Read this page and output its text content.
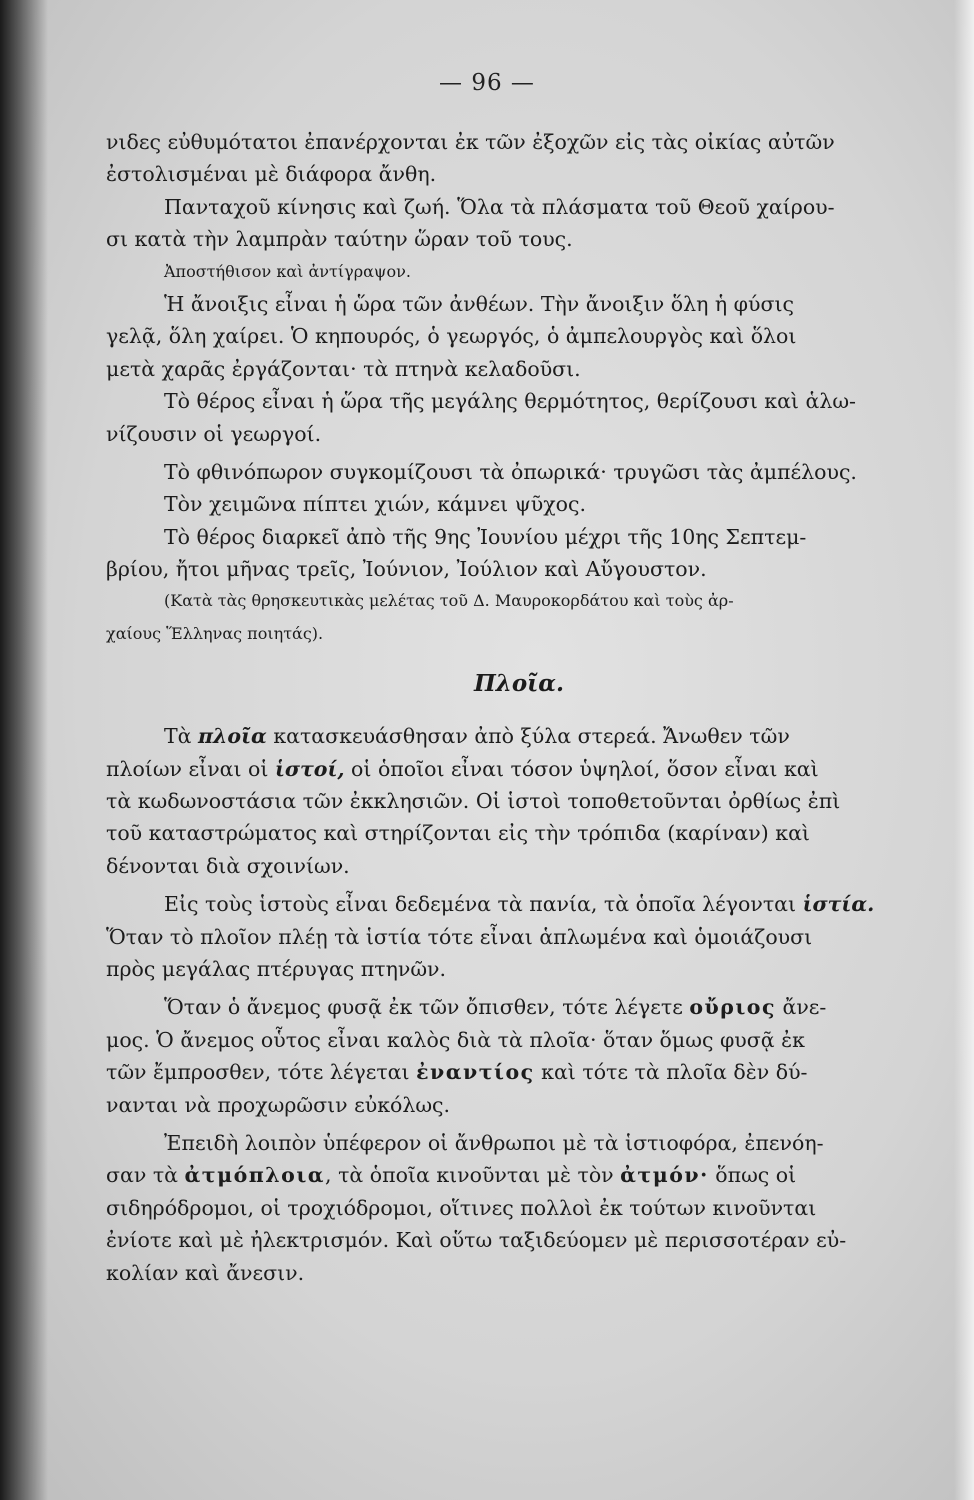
— 96 —
νιδες εὐθυμότατοι ἐπανέρχονται ἐκ τῶν ἐξοχῶν εἰς τὰς οἰκίας αὐτῶν
ἐστολισμέναι μὲ διάφορα ἄνθη.
Πανταχοῦ κίνησις καὶ ζωή. Ὅλα τὰ πλάσματα τοῦ Θεοῦ χαίρου-
σι κατὰ τὴν λαμπρὰν ταύτην ὥραν τοῦ τους.
Ἀποστήθισον καὶ ἀντίγραψον.
Ἡ ἄνοιξις εἶναι ἡ ὥρα τῶν ἀνθέων. Τὴν ἄνοιξιν ὅλη ἡ φύσις
γελᾷ, ὅλη χαίρει. Ὁ κηπουρός, ὁ γεωργός, ὁ ἀμπελουργὸς καὶ ὅλοι
μετὰ χαρᾶς ἐργάζονται· τὰ πτηνὰ κελαδοῦσι.
Τὸ θέρος εἶναι ἡ ὥρα τῆς μεγάλης θερμότητος, θερίζουσι καὶ ἁλω-
νίζουσιν οἱ γεωργοί.
Τὸ φθινόπωρον συγκομίζουσι τὰ ὀπωρικά· τρυγῶσι τὰς ἀμπέλους.
Τὸν χειμῶνα πίπτει χιών, κάμνει ψῦχος.
Τὸ θέρος διαρκεῖ ἀπὸ τῆς 9ης Ἰουνίου μέχρι τῆς 10ης Σεπτεμ-
βρίου, ἤτοι μῆνας τρεῖς, Ἰούνιον, Ἰούλιον καὶ Αὔγουστον.
(Κατὰ τὰς θρησκευτικὰς μελέτας τοῦ Δ. Μαυροκορδάτου καὶ τοὺς ἀρ-
χαίους Ἕλληνας ποιητάς).
Πλοῖα.
Τὰ πλοῖα κατασκευάσθησαν ἀπὸ ξύλα στερεά. Ἄνωθεν τῶν
πλοίων εἶναι οἱ ἱστοί, οἱ ὁποῖοι εἶναι τόσον ὑψηλοί, ὅσον εἶναι καὶ
τὰ κωδωνοστάσια τῶν ἐκκλησιῶν. Οἱ ἱστοὶ τοποθετοῦνται ὀρθίως ἐπὶ
τοῦ καταστρώματος καὶ στηρίζονται εἰς τὴν τρόπιδα (καρίναν) καὶ
δένονται διὰ σχοινίων.
Εἰς τοὺς ἱστοὺς εἶναι δεδεμένα τὰ πανία, τὰ ὁποῖα λέγονται ἱστία.
Ὅταν τὸ πλοῖον πλέῃ τὰ ἱστία τότε εἶναι ἁπλωμένα καὶ ὁμοιάζουσι
πρὸς μεγάλας πτέρυγας πτηνῶν.
Ὅταν ὁ ἄνεμος φυσᾷ ἐκ τῶν ὄπισθεν, τότε λέγετε οὔριος ἄνε-
μος. Ὁ ἄνεμος οὗτος εἶναι καλὸς διὰ τὰ πλοῖα· ὅταν ὅμως φυσᾷ ἐκ
τῶν ἔμπροσθεν, τότε λέγεται ἐναντίος καὶ τότε τὰ πλοῖα δὲν δύ-
νανται νὰ προχωρῶσιν εὐκόλως.
Ἐπειδὴ λοιπὸν ὑπέφερον οἱ ἄνθρωποι μὲ τὰ ἱστιοφόρα, ἐπενόη-
σαν τὰ ἀτμόπλοια, τὰ ὁποῖα κινοῦνται μὲ τὸν ἀτμόν· ὅπως οἱ
σιδηρόδρομοι, οἱ τροχιόδρομοι, οἵτινες πολλοὶ ἐκ τούτων κινοῦνται
ἐνίοτε καὶ μὲ ἠλεκτρισμόν. Καὶ οὕτω ταξιδεύομεν μὲ περισσοτέραν εὐ-
κολίαν καὶ ἄνεσιν.
